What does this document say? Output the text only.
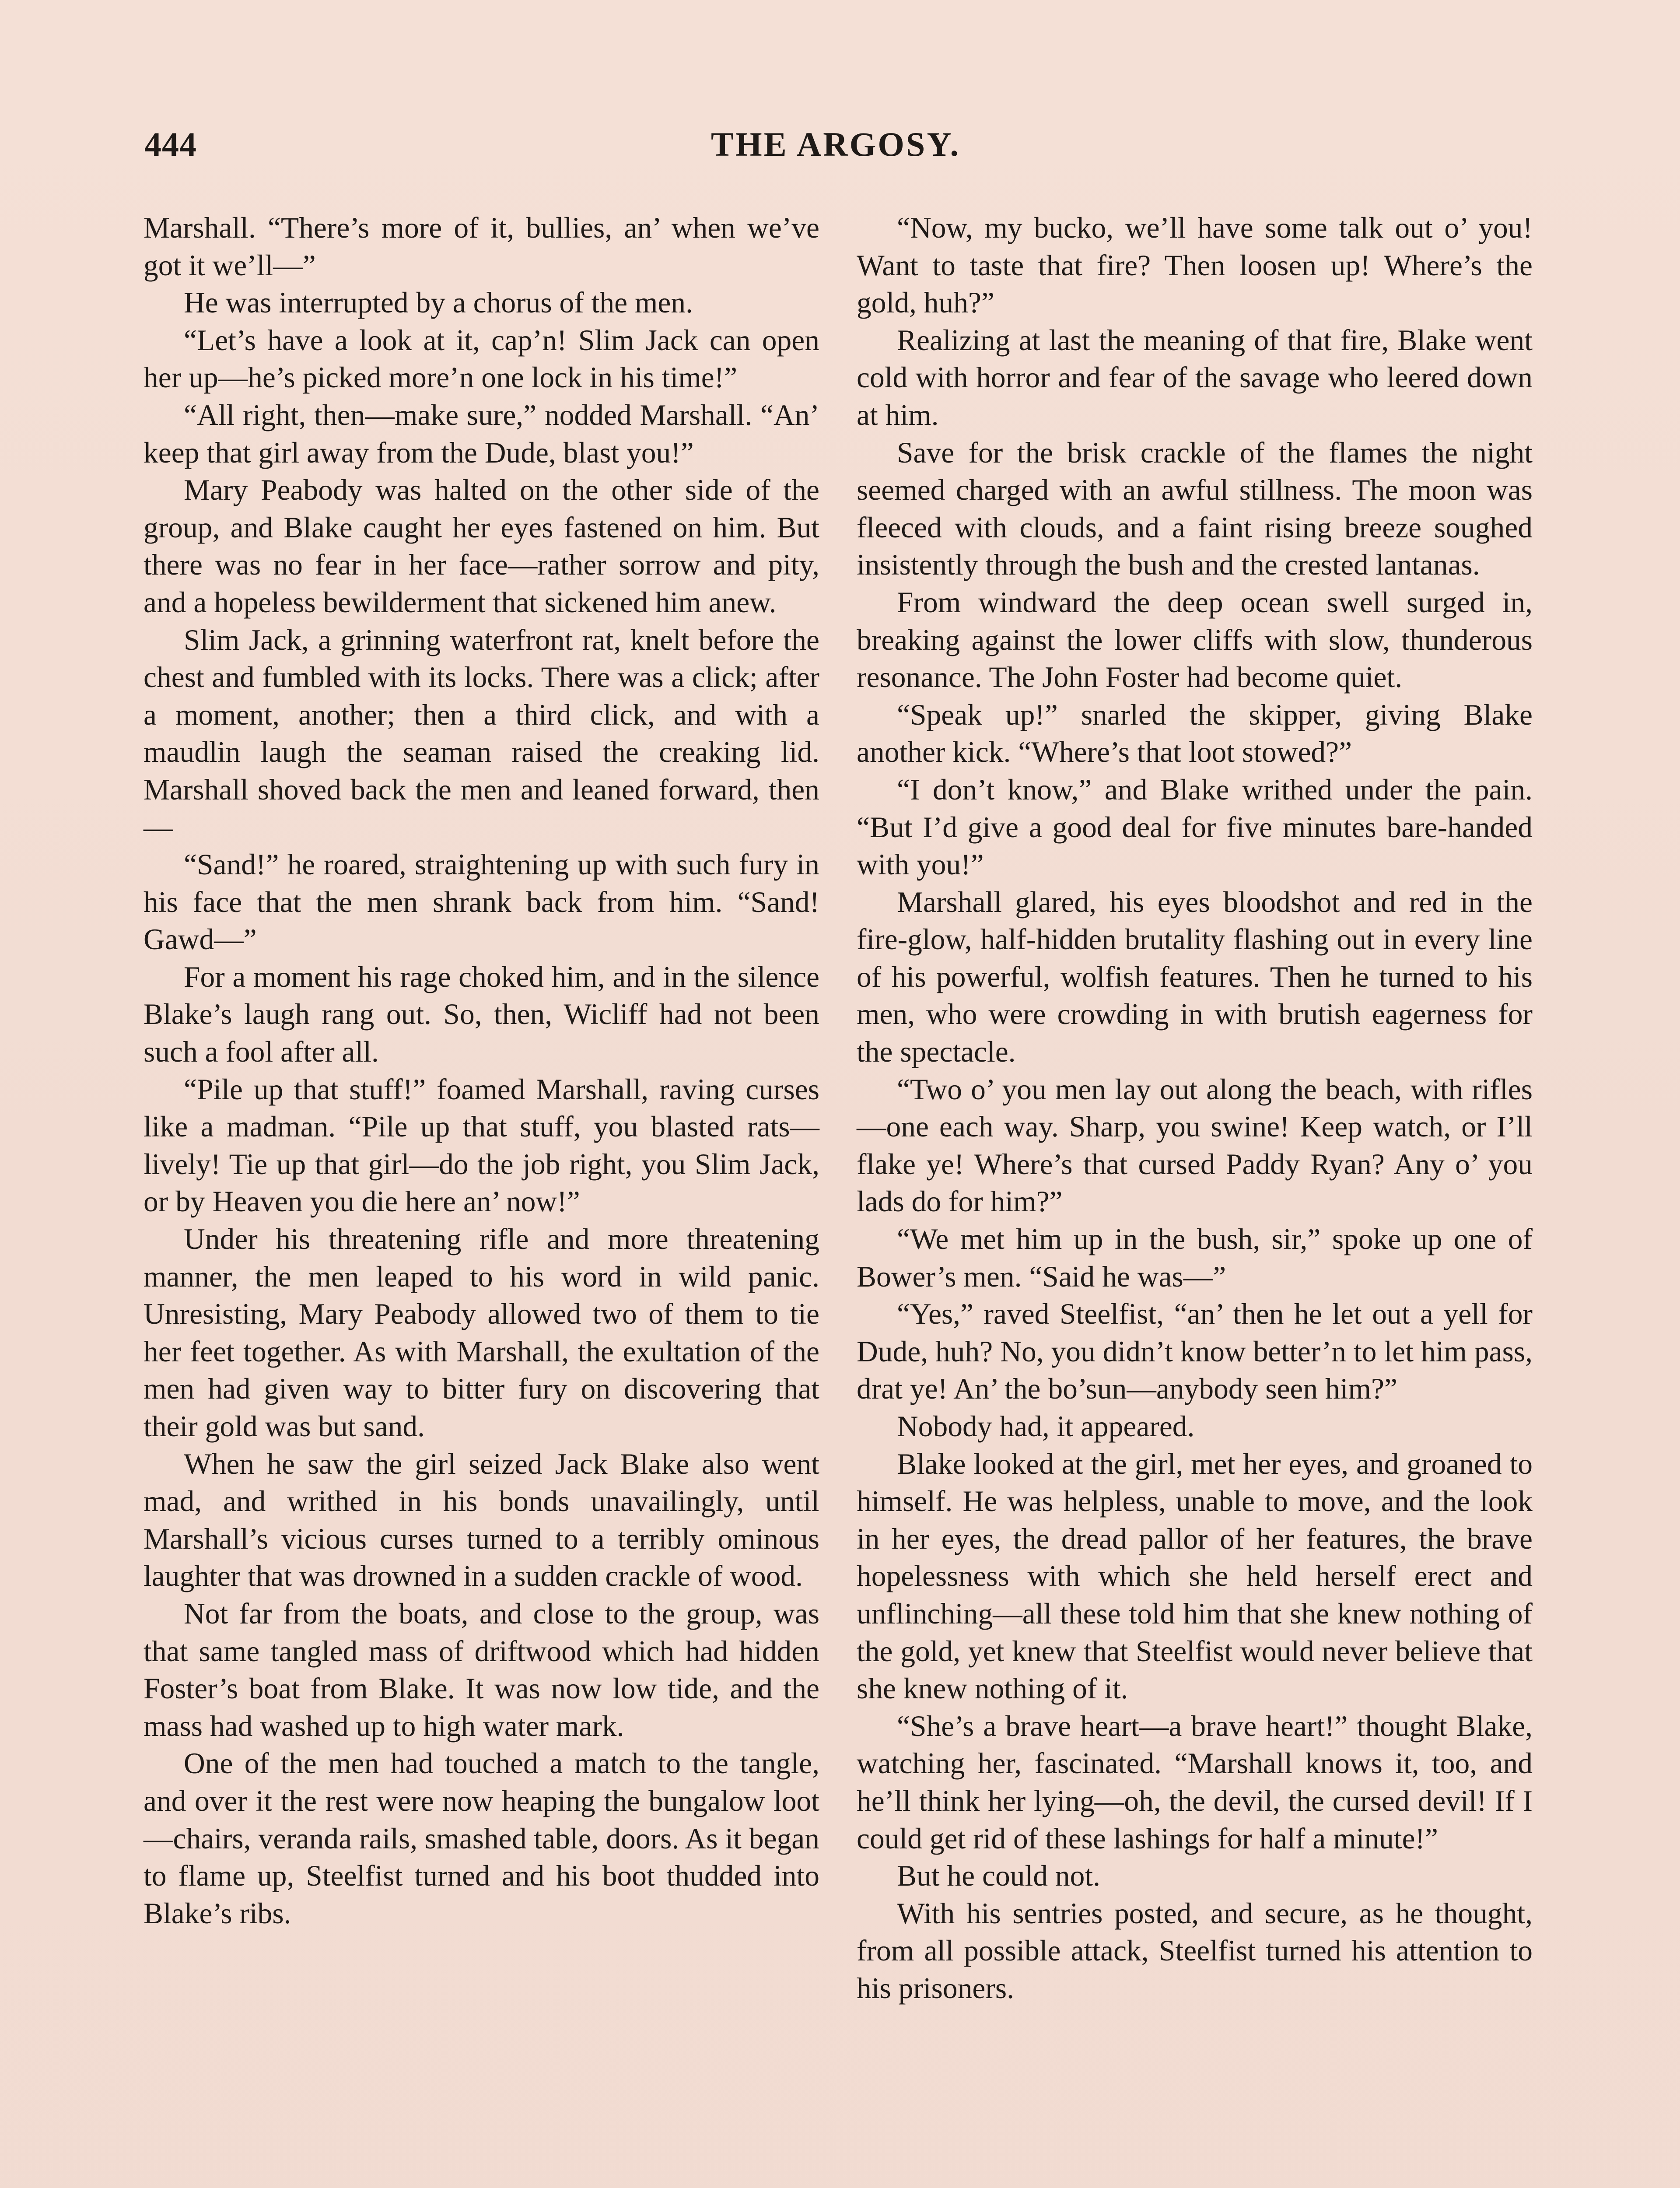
444	THE ARGOSY.

Marshall. “There’s more of it, bullies, an’ when we’ve got it we’ll—”

He was interrupted by a chorus of the men.

“Let’s have a look at it, cap’n! Slim Jack can open her up—he’s picked more’n one lock in his time!”

“All right, then—make sure,” nodded Marshall. “An’ keep that girl away from the Dude, blast you!”

Mary Peabody was halted on the other side of the group, and Blake caught her eyes fastened on him. But there was no fear in her face—rather sorrow and pity, and a hopeless bewilderment that sickened him anew.

Slim Jack, a grinning waterfront rat, knelt before the chest and fumbled with its locks. There was a click; after a moment, another; then a third click, and with a maudlin laugh the seaman raised the creaking lid. Marshall shoved back the men and leaned forward, then—

“Sand!” he roared, straightening up with such fury in his face that the men shrank back from him. “Sand! Gawd—”

For a moment his rage choked him, and in the silence Blake’s laugh rang out. So, then, Wicliff had not been such a fool after all.

“Pile up that stuff!” foamed Marshall, raving curses like a madman. “Pile up that stuff, you blasted rats—lively! Tie up that girl—do the job right, you Slim Jack, or by Heaven you die here an’ now!”

Under his threatening rifle and more threatening manner, the men leaped to his word in wild panic. Unresisting, Mary Peabody allowed two of them to tie her feet together. As with Marshall, the exultation of the men had given way to bitter fury on discovering that their gold was but sand.

When he saw the girl seized Jack Blake also went mad, and writhed in his bonds unavailingly, until Marshall’s vicious curses turned to a terribly ominous laughter that was drowned in a sudden crackle of wood.

Not far from the boats, and close to the group, was that same tangled mass of driftwood which had hidden Foster’s boat from Blake. It was now low tide, and the mass had washed up to high water mark.

One of the men had touched a match to the tangle, and over it the rest were now heaping the bungalow loot—chairs, veranda rails, smashed table, doors. As it began to flame up, Steelfist turned and his boot thudded into Blake’s ribs.

“Now, my bucko, we’ll have some talk out o’ you! Want to taste that fire? Then loosen up! Where’s the gold, huh?”

Realizing at last the meaning of that fire, Blake went cold with horror and fear of the savage who leered down at him.

Save for the brisk crackle of the flames the night seemed charged with an awful stillness. The moon was fleeced with clouds, and a faint rising breeze soughed insistently through the bush and the crested lantanas.

From windward the deep ocean swell surged in, breaking against the lower cliffs with slow, thunderous resonance. The John Foster had become quiet.

“Speak up!” snarled the skipper, giving Blake another kick. “Where’s that loot stowed?”

“I don’t know,” and Blake writhed under the pain. “But I’d give a good deal for five minutes bare-handed with you!”

Marshall glared, his eyes bloodshot and red in the fire-glow, half-hidden brutality flashing out in every line of his powerful, wolfish features. Then he turned to his men, who were crowding in with brutish eagerness for the spectacle.

“Two o’ you men lay out along the beach, with rifles—one each way. Sharp, you swine! Keep watch, or I’ll flake ye! Where’s that cursed Paddy Ryan? Any o’ you lads do for him?”

“We met him up in the bush, sir,” spoke up one of Bower’s men. “Said he was—”

“Yes,” raved Steelfist, “an’ then he let out a yell for Dude, huh? No, you didn’t know better’n to let him pass, drat ye! An’ the bo’sun—anybody seen him?”

Nobody had, it appeared.

Blake looked at the girl, met her eyes, and groaned to himself. He was helpless, unable to move, and the look in her eyes, the dread pallor of her features, the brave hopelessness with which she held herself erect and unflinching—all these told him that she knew nothing of the gold, yet knew that Steelfist would never believe that she knew nothing of it.

“She’s a brave heart—a brave heart!” thought Blake, watching her, fascinated. “Marshall knows it, too, and he’ll think her lying—oh, the devil, the cursed devil! If I could get rid of these lashings for half a minute!”

But he could not.

With his sentries posted, and secure, as he thought, from all possible attack, Steelfist turned his attention to his prisoners.
